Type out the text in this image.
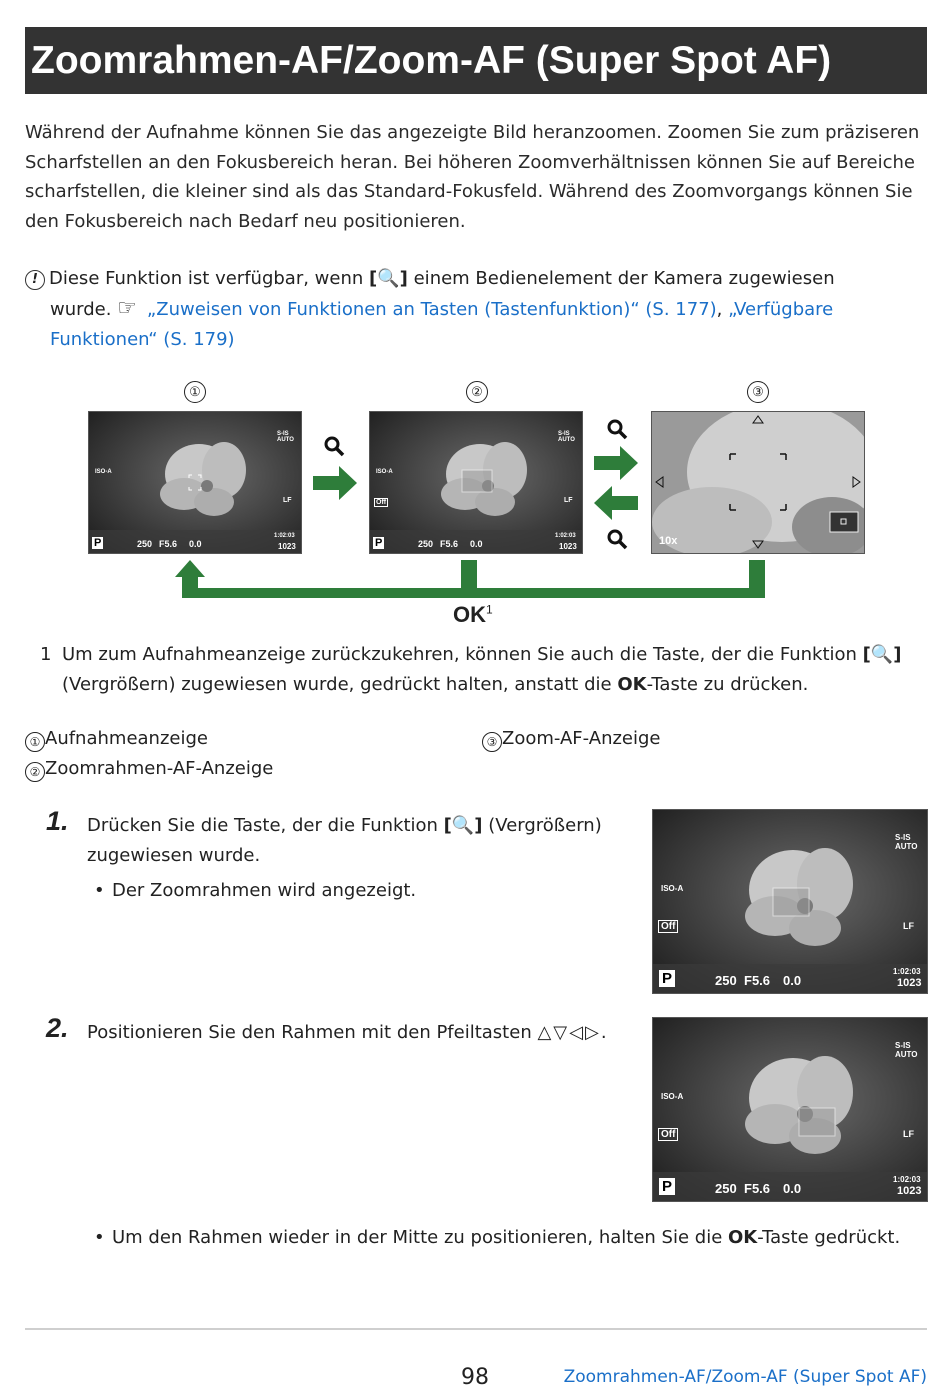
Zoomrahmen-AF/Zoom-AF (Super Spot AF)
Während der Aufnahme können Sie das angezeigte Bild heranzoomen. Zoomen Sie zum präziseren Scharfstellen an den Fokusbereich heran. Bei höheren Zoomverhältnissen können Sie auf Bereiche scharfstellen, die kleiner sind als das Standard-Fokusfeld. Während des Zoomvorgangs können Sie den Fokusbereich nach Bedarf neu positionieren.
! Diese Funktion ist verfügbar, wenn [🔍] einem Bedienelement der Kamera zugewiesen
wurde. ☞ „Zuweisen von Funktionen an Tasten (Tastenfunktion)“ (S. 177), „Verfügbare
Funktionen“ (S. 179)
①	②	③
P	250 F5.6 0.0
1:02:03
1023
ISO-A
S-IS AUTO
LF
P	250 F5.6 0.0
1:02:03
1023
ISO-A
Off
S-IS AUTO
LF
10x
$OK^1$
1 Um zum Aufnahmeanzeige zurückzukehren, können Sie auch die Taste, der die Funktion [🔍]
(Vergrößern) zugewiesen wurde, gedrückt halten, anstatt die OK-Taste zu drücken.
① Aufnahmeanzeige
② Zoomrahmen-AF-Anzeige
③ Zoom-AF-Anzeige
1. Drücken Sie die Taste, der die Funktion [🔍] (Vergrößern)
zugewiesen wurde.
• Der Zoomrahmen wird angezeigt.
P	250 F5.6 0.0
1:02:03
1023
ISO-A
Off
S-IS AUTO
LF
2. Positionieren Sie den Rahmen mit den Pfeiltasten △▽◁▷.
P	250 F5.6 0.0
1:02:03
1023
ISO-A
Off
S-IS AUTO
LF
• Um den Rahmen wieder in der Mitte zu positionieren, halten Sie die OK-Taste gedrückt.
98	Zoomrahmen-AF/Zoom-AF (Super Spot AF)
